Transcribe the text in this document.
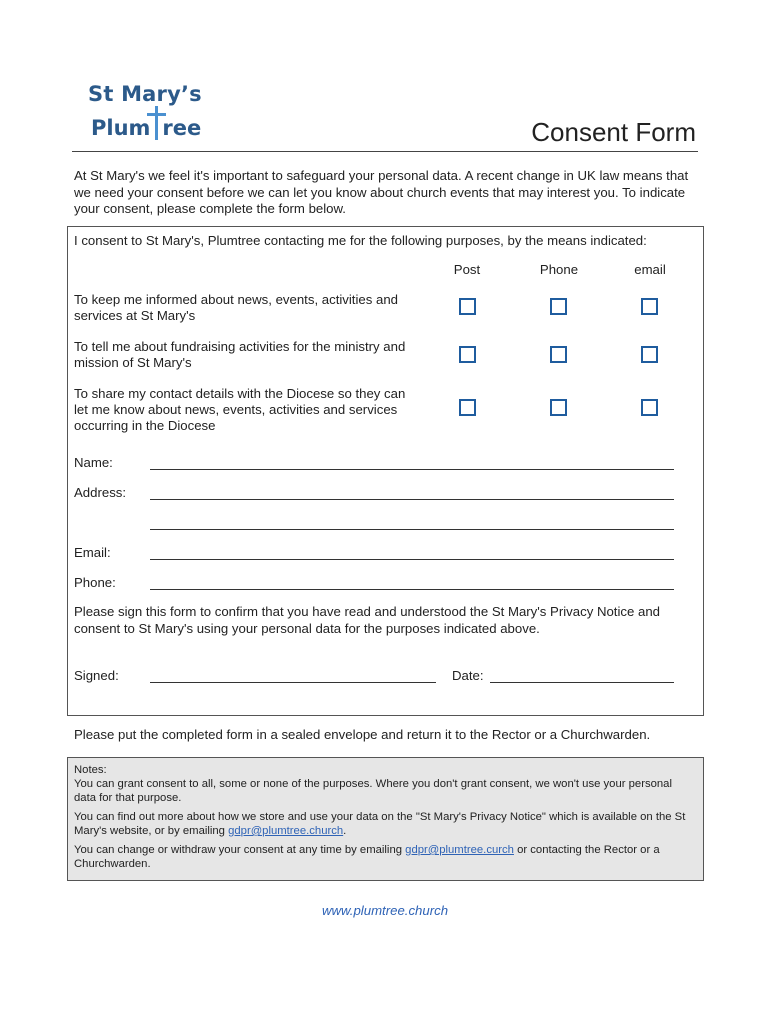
St Mary’s
Plum ree	Consent Form
At St Mary's we feel it's important to safeguard your personal data. A recent change in UK law means that we need your consent before we can let you know about church events that may interest you. To indicate your consent, please complete the form below.
I consent to St Mary's, Plumtree contacting me for the following purposes, by the means indicated:
Post	Phone	email
To keep me informed about news, events, activities and services at St Mary's
To tell me about fundraising activities for the ministry and mission of St Mary's
To share my contact details with the Diocese so they can let me know about news, events, activities and services occurring in the Diocese
Name:
Address:
Email:
Phone:
Please sign this form to confirm that you have read and understood the St Mary's Privacy Notice and consent to St Mary's using your personal data for the purposes indicated above.
Signed:	Date:
Please put the completed form in a sealed envelope and return it to the Rector or a Churchwarden.
Notes:

You can grant consent to all, some or none of the purposes. Where you don't grant consent, we won't use your personal data for that purpose.

You can find out more about how we store and use your data on the "St Mary's Privacy Notice" which is available on the St Mary's website, or by emailing gdpr@plumtree.church.

You can change or withdraw your consent at any time by emailing gdpr@plumtree.curch or contacting the Rector or a Churchwarden.

www.plumtree.church
